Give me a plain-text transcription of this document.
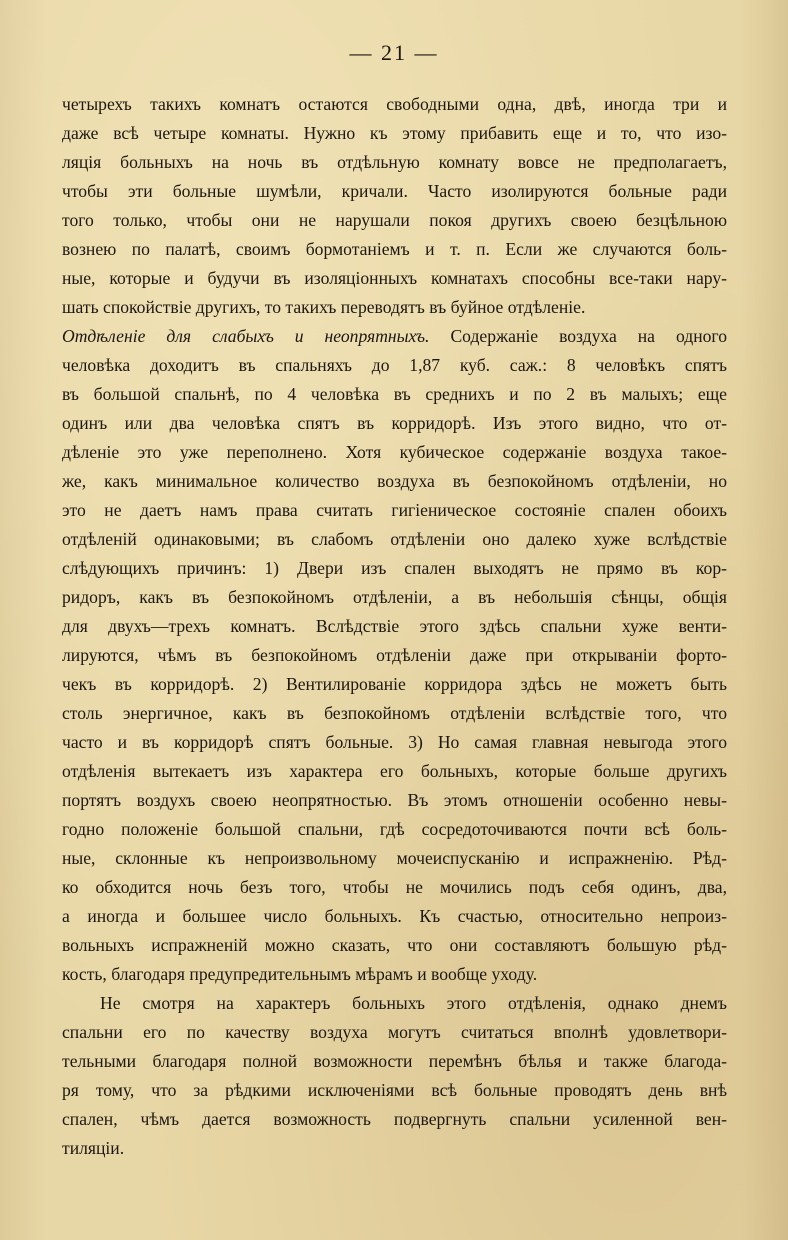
— 21 —
четырехъ такихъ комнатъ остаются свободными одна, двѣ, иногда три и
даже всѣ четыре комнаты. Нужно къ этому прибавить еще и то, что изо-
ляція больныхъ на ночь въ отдѣльную комнату вовсе не предполагаетъ,
чтобы эти больные шумѣли, кричали. Часто изолируются больные ради
того только, чтобы они не нарушали покоя другихъ своею безцѣльною
вознею по палатѣ, своимъ бормотаніемъ и т. п. Если же случаются боль-
ные, которые и будучи въ изоляціонныхъ комнатахъ способны все-таки нару-
шать спокойствіе другихъ, то такихъ переводятъ въ буйное отдѣленіе.
Отдѣленіе для слабыхъ и неопрятныхъ. Содержаніе воздуха на одного
человѣка доходитъ въ спальняхъ до 1,87 куб. саж.: 8 человѣкъ спятъ
въ большой спальнѣ, по 4 человѣка въ среднихъ и по 2 въ малыхъ; еще
одинъ или два человѣка спятъ въ корридорѣ. Изъ этого видно, что от-
дѣленіе это уже переполнено. Хотя кубическое содержаніе воздуха такое-
же, какъ минимальное количество воздуха въ безпокойномъ отдѣленіи, но
это не даетъ намъ права считать гигіеническое состояніе спален обоихъ
отдѣленій одинаковыми; въ слабомъ отдѣленіи оно далеко хуже вслѣдствіе
слѣдующихъ причинъ: 1) Двери изъ спален выходятъ не прямо въ кор-
ридоръ, какъ въ безпокойномъ отдѣленіи, а въ небольшія сѣнцы, общія
для двухъ—трехъ комнатъ. Вслѣдствіе этого здѣсь спальни хуже венти-
лируются, чѣмъ въ безпокойномъ отдѣленіи даже при открываніи форто-
чекъ въ корридорѣ. 2) Вентилированіе корридора здѣсь не можетъ быть
столь энергичное, какъ въ безпокойномъ отдѣленіи вслѣдствіе того, что
часто и въ корридорѣ спятъ больные. 3) Но самая главная невыгода этого
отдѣленія вытекаетъ изъ характера его больныхъ, которые больше другихъ
портятъ воздухъ своею неопрятностью. Въ этомъ отношеніи особенно невы-
годно положеніе большой спальни, гдѣ сосредоточиваются почти всѣ боль-
ные, склонные къ непроизвольному мочеиспусканію и испражненію. Рѣд-
ко обходится ночь безъ того, чтобы не мочились подъ себя одинъ, два,
а иногда и большее число больныхъ. Къ счастью, относительно непроиз-
вольныхъ испражненій можно сказать, что они составляютъ большую рѣд-
кость, благодаря предупредительнымъ мѣрамъ и вообще уходу.
Не смотря на характеръ больныхъ этого отдѣленія, однако днемъ
спальни его по качеству воздуха могутъ считаться вполнѣ удовлетвори-
тельными благодаря полной возможности перемѣнъ бѣлья и также благода-
ря тому, что за рѣдкими исключеніями всѣ больные проводятъ день внѣ
спален, чѣмъ дается возможность подвергнуть спальни усиленной вен-
тиляціи.
